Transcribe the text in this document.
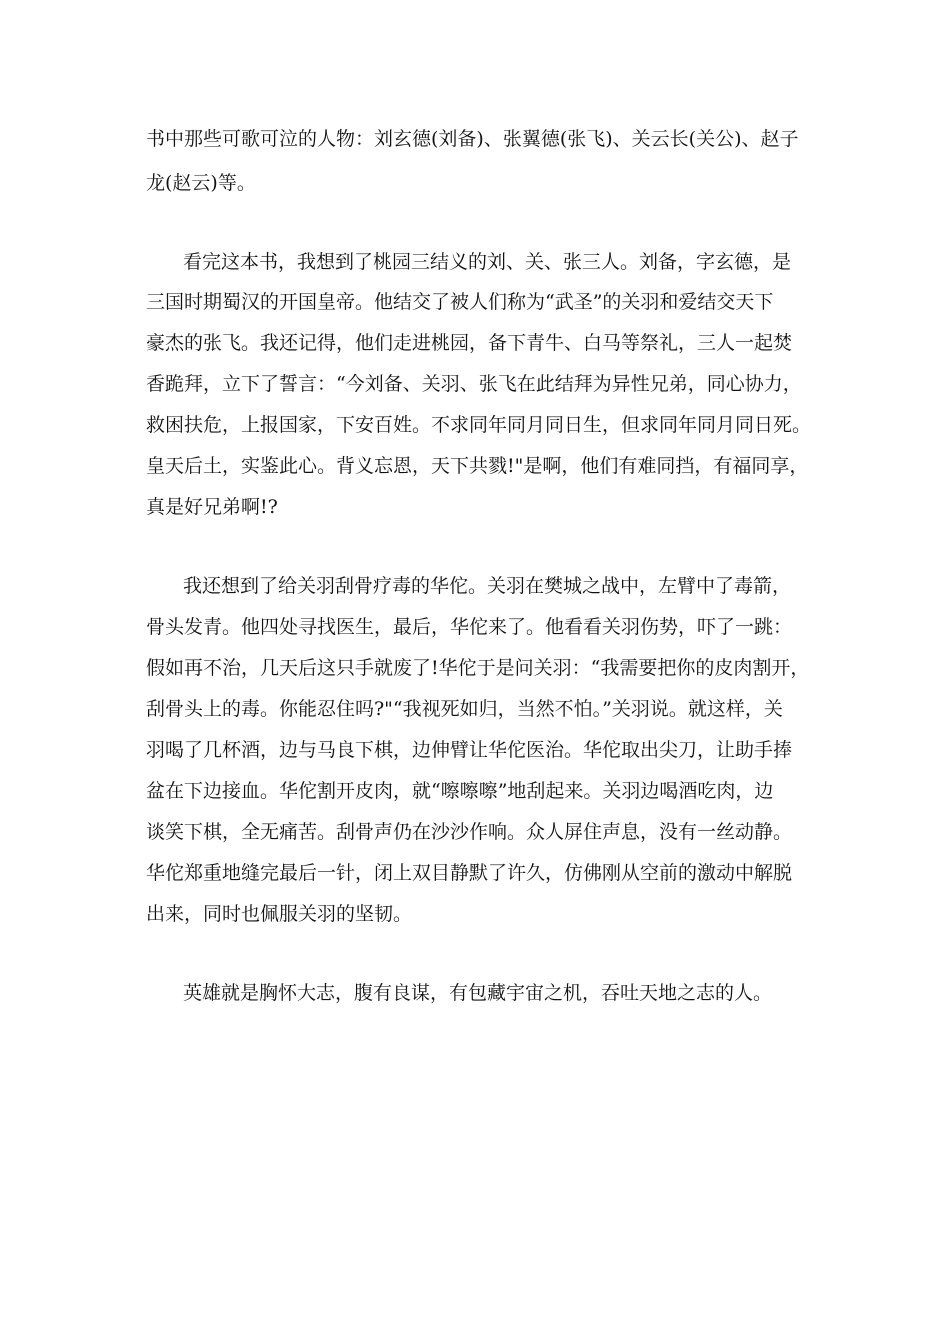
书中那些可歌可泣的人物：刘玄德(刘备)、张翼德(张飞)、关云长(关公)、赵子

龙(赵云)等。

看完这本书，我想到了桃园三结义的刘、关、张三人。刘备，字玄德，是

三国时期蜀汉的开国皇帝。他结交了被人们称为“武圣”的关羽和爱结交天下

豪杰的张飞。我还记得，他们走进桃园，备下青牛、白马等祭礼，三人一起焚

香跪拜，立下了誓言：“今刘备、关羽、张飞在此结拜为异性兄弟，同心协力，

救困扶危，上报国家，下安百姓。不求同年同月同日生，但求同年同月同日死。

皇天后土，实鉴此心。背义忘恩，天下共戮!"是啊，他们有难同挡，有福同享，

真是好兄弟啊!?

我还想到了给关羽刮骨疗毒的华佗。关羽在樊城之战中，左臂中了毒箭，

骨头发青。他四处寻找医生，最后，华佗来了。他看看关羽伤势，吓了一跳：

假如再不治，几天后这只手就废了!华佗于是问关羽：“我需要把你的皮肉割开，

刮骨头上的毒。你能忍住吗?"“我视死如归，当然不怕。”关羽说。就这样，关

羽喝了几杯酒，边与马良下棋，边伸臂让华佗医治。华佗取出尖刀，让助手捧

盆在下边接血。华佗割开皮肉，就“嚓嚓嚓”地刮起来。关羽边喝酒吃肉，边

谈笑下棋，全无痛苦。刮骨声仍在沙沙作响。众人屏住声息，没有一丝动静。

华佗郑重地缝完最后一针，闭上双目静默了许久，仿佛刚从空前的激动中解脱

出来，同时也佩服关羽的坚韧。

英雄就是胸怀大志，腹有良谋，有包藏宇宙之机，吞吐天地之志的人。
